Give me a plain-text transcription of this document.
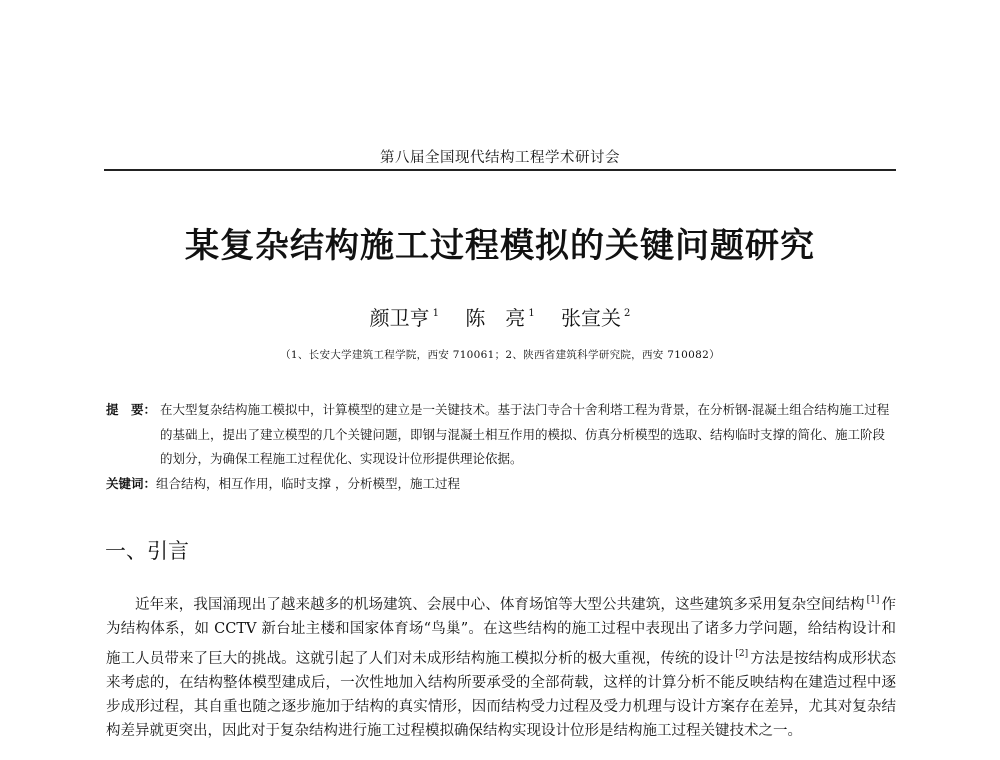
第八届全国现代结构工程学术研讨会
某复杂结构施工过程模拟的关键问题研究
颜卫亨 $^1$ 陈　亮 $^1$ 张宣关 $^2$
（1、长安大学建筑工程学院，西安 710061；2、陕西省建筑科学研究院，西安 710082）
提　要： 在大型复杂结构施工模拟中，计算模型的建立是一关键技术。基于法门寺合十舍利塔工程为背景，在分析钢-混凝土组合结构施工过程的基础上，提出了建立模型的几个关键问题，即钢与混凝土相互作用的模拟、仿真分析模型的选取、结构临时支撑的简化、施工阶段的划分，为确保工程施工过程优化、实现设计位形提供理论依据。
关键词：组合结构，相互作用，临时支撑 ，分析模型，施工过程
一、引言

近年来，我国涌现出了越来越多的机场建筑、会展中心、体育场馆等大型公共建筑，这些建筑多采用复杂空间结构 [1] 作为结构体系，如 CCTV 新台址主楼和国家体育场“鸟巢”。在这些结构的施工过程中表现出了诸多力学问题，给结构设计和施工人员带来了巨大的挑战。这就引起了人们对未成形结构施工模拟分析的极大重视，传统的设计 [2] 方法是按结构成形状态来考虑的，在结构整体模型建成后，一次性地加入结构所要承受的全部荷载，这样的计算分析不能反映结构在建造过程中逐步成形过程，其自重也随之逐步施加于结构的真实情形，因而结构受力过程及受力机理与设计方案存在差异，尤其对复杂结构差异就更突出，因此对于复杂结构进行施工过程模拟确保结构实现设计位形是结构施工过程关键技术之一。
